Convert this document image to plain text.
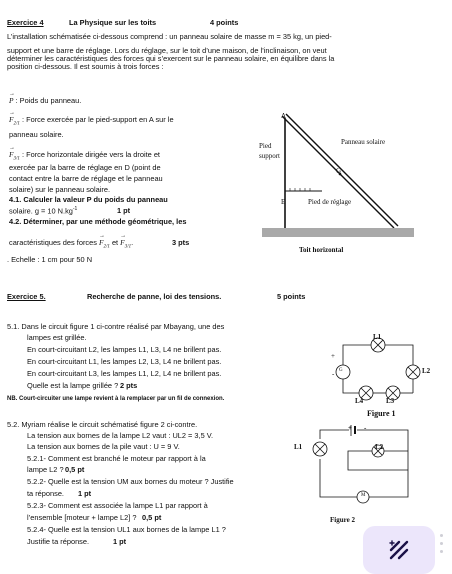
Exercice 4	La Physique sur les toits	4 points
L’installation schématisée ci-dessous comprend : un panneau solaire de masse m = 35 kg, un pied-
support et une barre de réglage. Lors du réglage, sur le toit d’une maison, de l’inclinaison, on veut
déterminer les caractéristiques des forces qui s’exercent sur le panneau solaire, en équilibre dans la
position ci-dessous. Il est soumis à trois forces :
→
P : Poids du panneau.
→
$F_{2/1}$ : Force exercée par le pied-support en A sur le
panneau solaire.
→
$F_{3/1}$ : Force horizontale dirigée vers la droite et
exercée par la barre de réglage en D (point de
contact entre la barre de réglage et le panneau
solaire) sur le panneau solaire.
4.1. Calculer la valeur P du poids du panneau
solaire. g = 10 $N.kg^{-1}$	1 pt
4.2. Déterminer, par une méthode géométrique, les
caractéristiques des forces
→
$F_{2/1}$ et
→
$F_{3/1}$.	3 pts
. Echelle : 1 cm pour 50 N
A
Pied
support
Panneau solaire
G
E	Pied de réglage
Toit horizontal
Exercice 5.	Recherche de panne, loi des tensions.	5 points
5.1. Dans le circuit figure 1 ci-contre réalisé par Mbayang, une des
lampes est grillée.
En court-circuitant L2, les lampes L1, L3, L4 ne brillent pas.
En court-circuitant L1, les lampes L2, L3, L4 ne brillent pas.
En court-circuitant L3, les lampes L1, L2, L4 ne brillent pas.
Quelle est la lampe grillée ? 2 pts
NB. Court-circuiter une lampe revient à la remplacer par un fil de connexion.
5.2. Myriam réalise le circuit schématisé figure 2 ci-contre.
La tension aux bornes de la lampe L2 vaut : UL2 = 3,5 V.
La tension aux bornes de la pile vaut : U = 9 V.
5.2.1- Comment est branché le moteur par rapport à la
lampe L2 ? 0,5 pt
5.2.2- Quelle est la tension UM aux bornes du moteur ? Justifie
ta réponse. 1 pt
5.2.3- Comment est associée la lampe L1 par rapport à
l’ensemble [moteur + lampe L2] ? 0,5 pt
5.2.4- Quelle est la tension UL1 aux bornes de la lampe L1 ?
Justifie ta réponse.	1 pt
L1
G
+
-	L2
L4	L3
Figure 1
+ -
L1	L2
M
Figure 2
